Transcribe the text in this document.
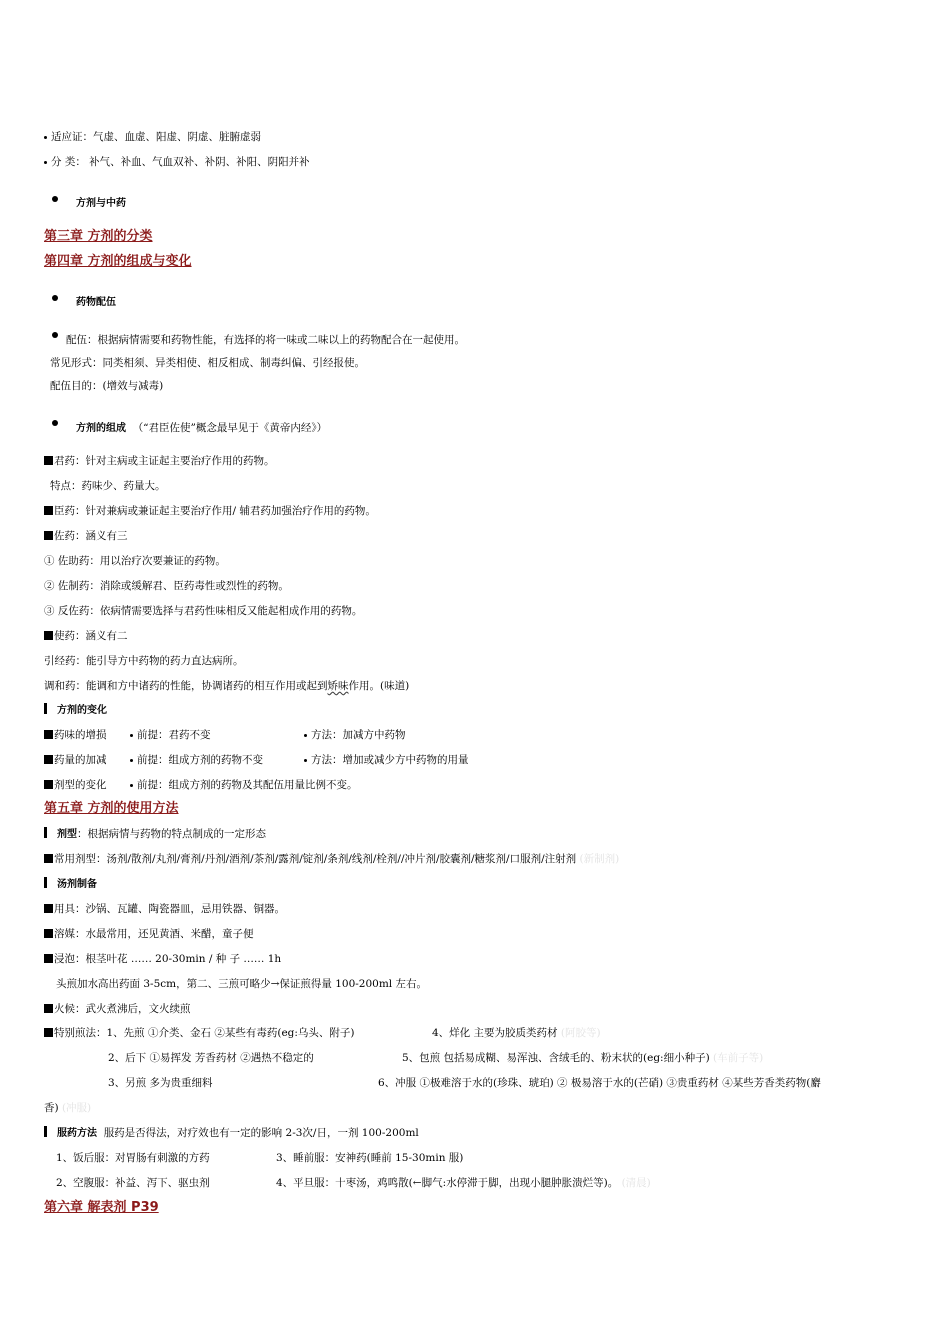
适应证：气虚、血虚、阳虚、阴虚、脏腑虚弱
分 类： 补气、补血、气血双补、补阴、补阳、阴阳并补
方剂与中药
第三章 方剂的分类
第四章 方剂的组成与变化
药物配伍
配伍：根据病情需要和药物性能，有选择的将一味或二味以上的药物配合在一起使用。
常见形式：同类相须、异类相使、相反相成、制毒纠偏、引经报使。
配伍目的：(增效与减毒)
方剂的组成 （“君臣佐使”概念最早见于《黄帝内经》）
君药：针对主病或主证起主要治疗作用的药物。
特点：药味少、药量大。
臣药：针对兼病或兼证起主要治疗作用/ 辅君药加强治疗作用的药物。
佐药：涵义有三
① 佐助药：用以治疗次要兼证的药物。
② 佐制药：消除或缓解君、臣药毒性或烈性的药物。
③ 反佐药：依病情需要选择与君药性味相反又能起相成作用的药物。
使药：涵义有二
引经药：能引导方中药物的药力直达病所。
调和药：能调和方中诸药的性能，协调诸药的相互作用或起到矫味作用。(味道)
方剂的变化
药味的增损	前提：君药不变	方法：加减方中药物
药量的加减	前提：组成方剂的药物不变	方法：增加或减少方中药物的用量
剂型的变化	前提：组成方剂的药物及其配伍用量比例不变。
第五章 方剂的使用方法
剂型：根据病情与药物的特点制成的一定形态
常用剂型：汤剂/散剂/丸剂/膏剂/丹剂/酒剂/茶剂/露剂/锭剂/条剂/线剂/栓剂//冲片剂/胶囊剂/糖浆剂/口服剂/注射剂 (新制剂)
汤剂制备
用具：沙锅、瓦罐、陶瓷器皿，忌用铁器、铜器。
溶媒：水最常用，还见黄酒、米醋，童子便
浸泡：根茎叶花 …… 20-30min / 种 子 …… 1h
头煎加水高出药面 3-5cm，第二、三煎可略少→保证煎得量 100-200ml 左右。
火候：武火煮沸后，文火续煎
特别煎法：1、先煎 ①介类、金石 ②某些有毒药(eg:乌头、附子)	4、烊化 主要为胶质类药材 (阿胶等)
2、后下 ①易挥发 芳香药材 ②遇热不稳定的	5、包煎 包括易成糊、易浑浊、含绒毛的、粉末状的(eg:细小种子) (车前子等)
3、另煎 多为贵重细料	6、冲服 ①极难溶于水的(珍珠、琥珀) ② 极易溶于水的(芒硝) ③贵重药材 ④某些芳香类药物(麝
香) (冲服)
服药方法 服药是否得法，对疗效也有一定的影响 2-3次/日，一剂 100-200ml
1、饭后服：对胃肠有刺激的方药	3、睡前服：安神药(睡前 15-30min 服)
2、空腹服：补益、泻下、驱虫剂	4、平旦服：十枣汤，鸡鸣散(←脚气:水停滞于脚，出现小腿肿胀溃烂等)。 (清晨)
第六章 解表剂 P39
